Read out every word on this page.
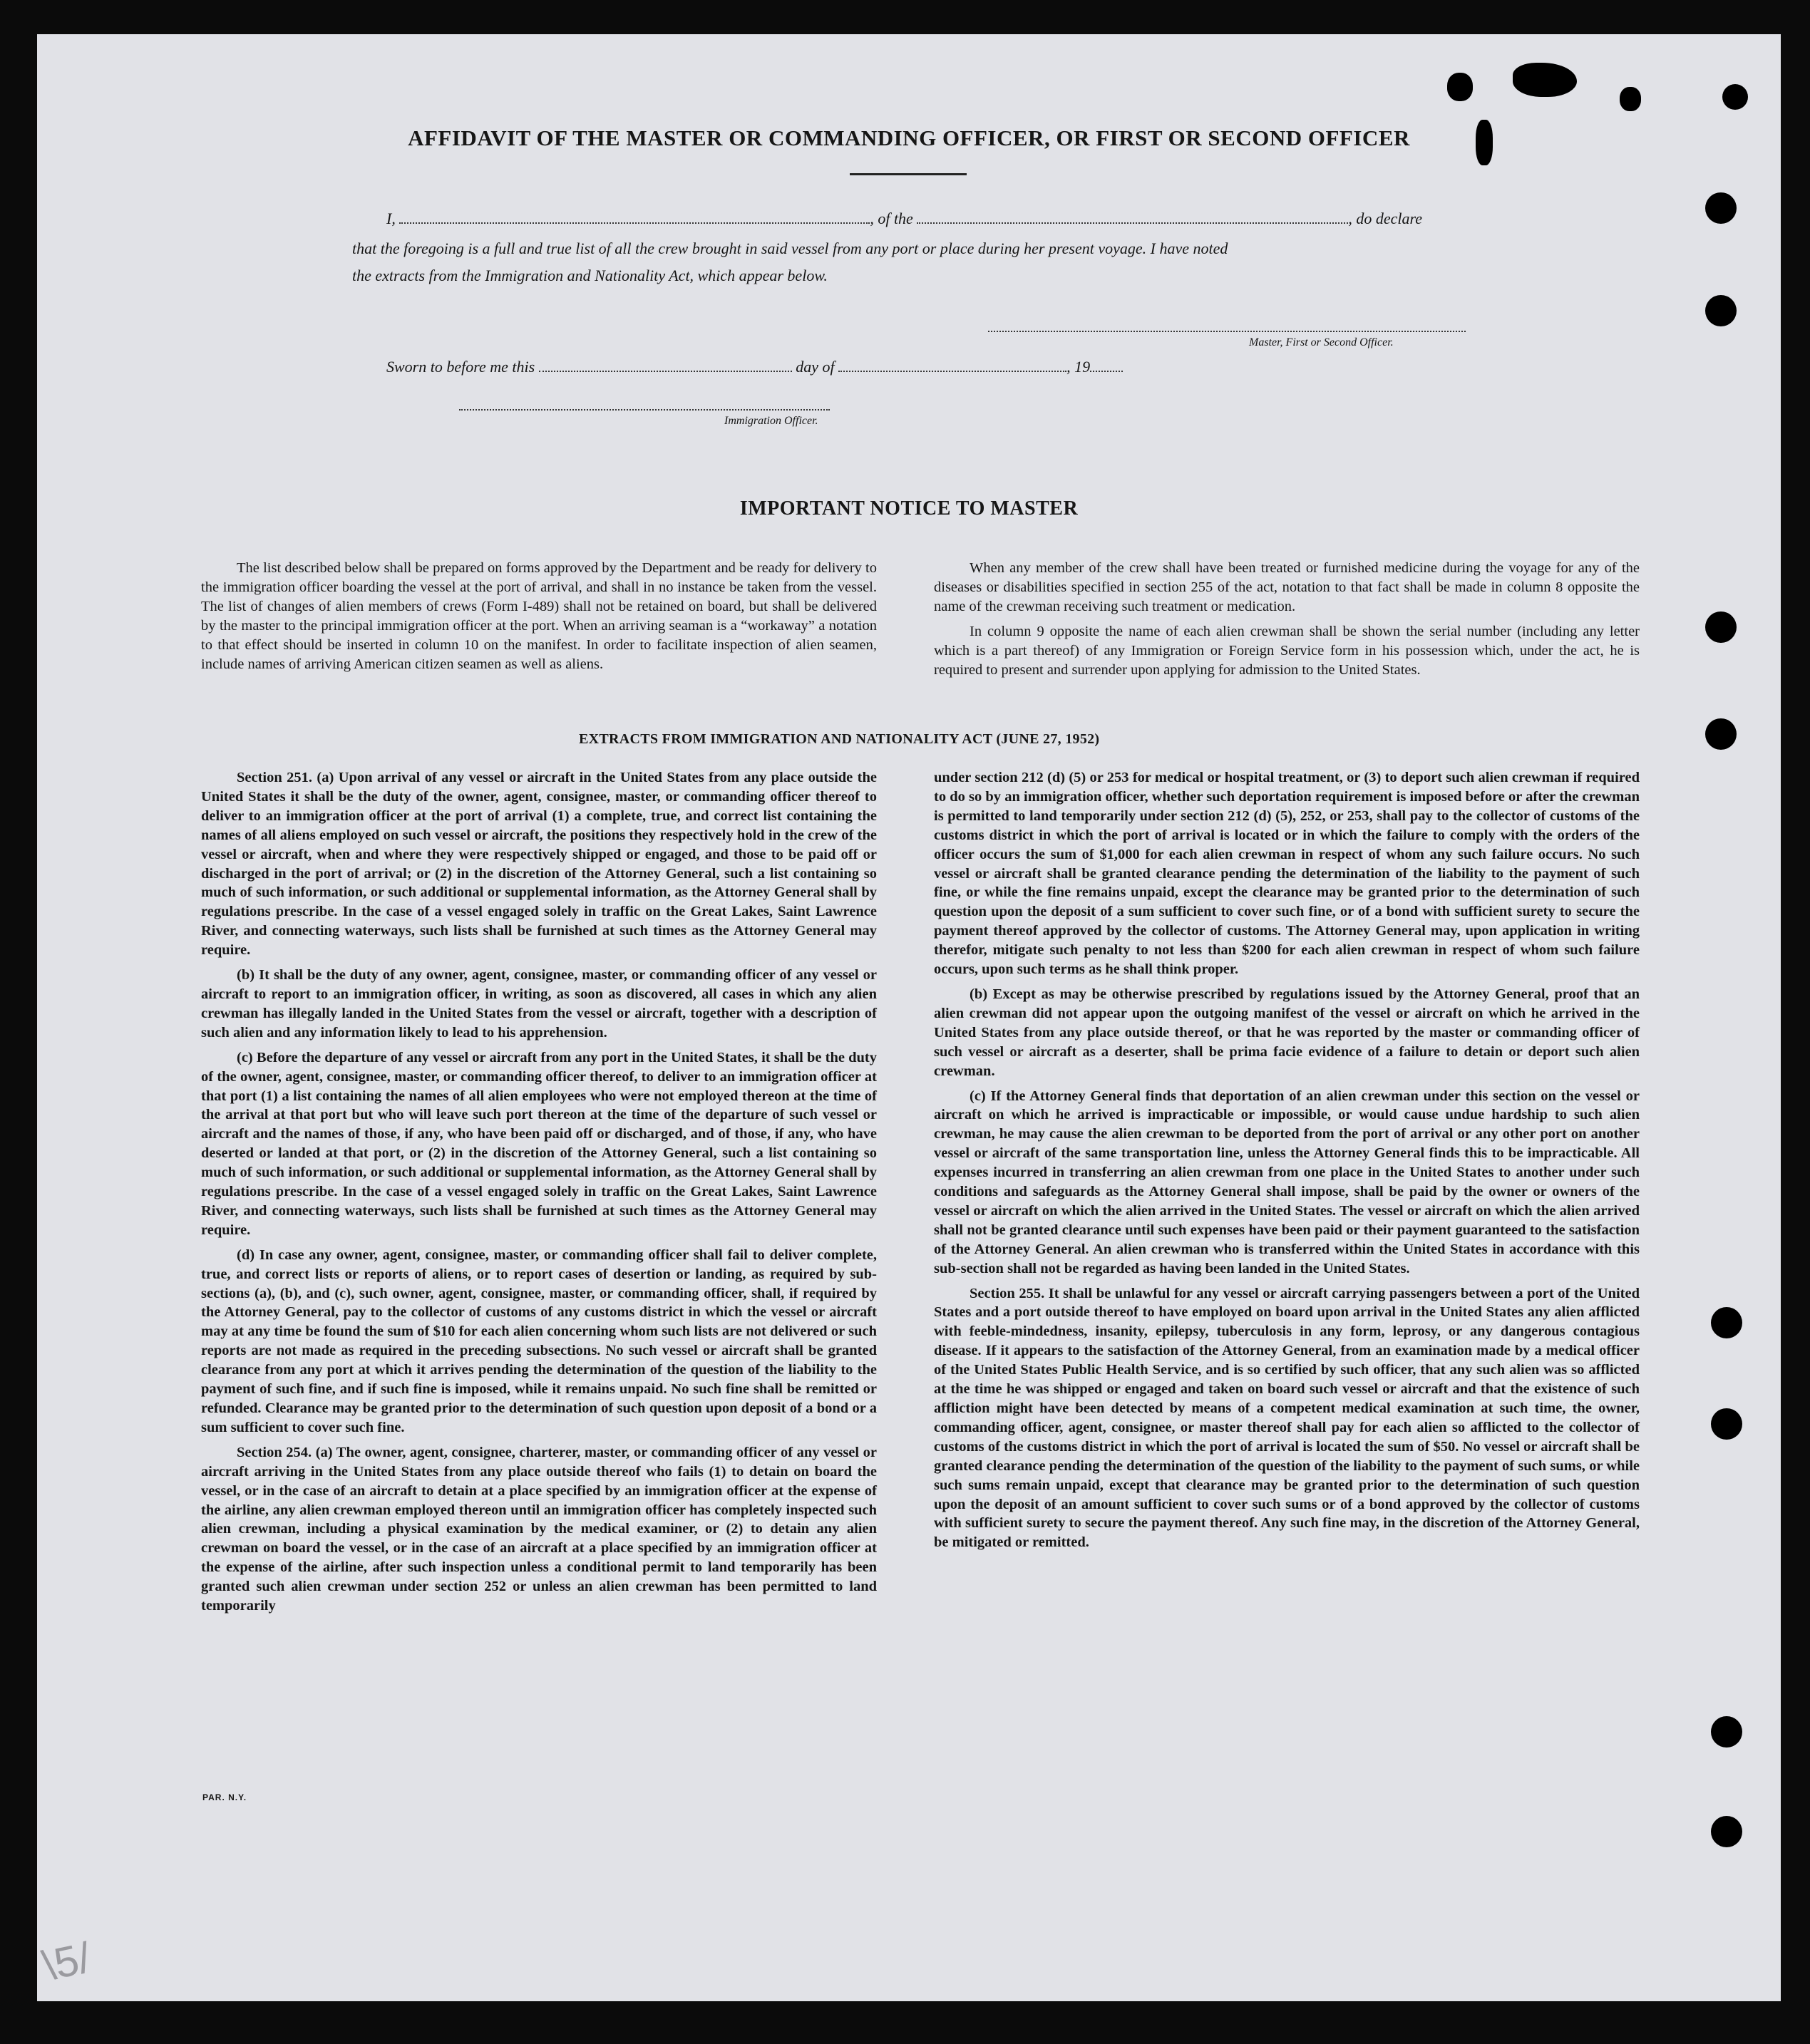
AFFIDAVIT OF THE MASTER OR COMMANDING OFFICER, OR FIRST OR SECOND OFFICER
I,	, of the	, do declare
that the foregoing is a full and true list of all the crew brought in said vessel from any port or place during her present voyage. I have noted
the extracts from the Immigration and Nationality Act, which appear below.
Master, First or Second Officer.
Sworn to before me this	day of	, 19
Immigration Officer.
IMPORTANT NOTICE TO MASTER

The list described below shall be prepared on forms approved by the Department and be ready for delivery to the immigration officer boarding the vessel at the port of arrival, and shall in no instance be taken from the vessel. The list of changes of alien members of crews (Form I-489) shall not be retained on board, but shall be delivered by the master to the principal immigration officer at the port. When an arriving seaman is a “workaway” a notation to that effect should be inserted in column 10 on the manifest. In order to facilitate inspection of alien seamen, include names of arriving American citizen seamen as well as aliens.

When any member of the crew shall have been treated or furnished medicine during the voyage for any of the diseases or disabilities specified in section 255 of the act, notation to that fact shall be made in column 8 opposite the name of the crewman receiving such treatment or medication.

In column 9 opposite the name of each alien crewman shall be shown the serial number (including any letter which is a part thereof) of any Immigration or Foreign Service form in his possession which, under the act, he is required to present and surrender upon applying for admission to the United States.

EXTRACTS FROM IMMIGRATION AND NATIONALITY ACT (JUNE 27, 1952)

Section 251. (a) Upon arrival of any vessel or aircraft in the United States from any place outside the United States it shall be the duty of the owner, agent, consignee, master, or commanding officer thereof to deliver to an immigration officer at the port of arrival (1) a complete, true, and correct list containing the names of all aliens employed on such vessel or aircraft, the positions they respectively hold in the crew of the vessel or aircraft, when and where they were respectively shipped or engaged, and those to be paid off or discharged in the port of arrival; or (2) in the discretion of the Attorney General, such a list containing so much of such information, or such additional or supplemental information, as the Attorney General shall by regulations prescribe. In the case of a vessel engaged solely in traffic on the Great Lakes, Saint Lawrence River, and connecting waterways, such lists shall be furnished at such times as the Attorney General may require.

(b) It shall be the duty of any owner, agent, consignee, master, or commanding officer of any vessel or aircraft to report to an immigration officer, in writing, as soon as discovered, all cases in which any alien crewman has illegally landed in the United States from the vessel or aircraft, together with a description of such alien and any information likely to lead to his apprehension.

(c) Before the departure of any vessel or aircraft from any port in the United States, it shall be the duty of the owner, agent, consignee, master, or commanding officer thereof, to deliver to an immigration officer at that port (1) a list containing the names of all alien employees who were not employed thereon at the time of the arrival at that port but who will leave such port thereon at the time of the departure of such vessel or aircraft and the names of those, if any, who have been paid off or discharged, and of those, if any, who have deserted or landed at that port, or (2) in the discretion of the Attorney General, such a list containing so much of such information, or such additional or supplemental information, as the Attorney General shall by regulations prescribe. In the case of a vessel engaged solely in traffic on the Great Lakes, Saint Lawrence River, and connecting waterways, such lists shall be furnished at such times as the Attorney General may require.

(d) In case any owner, agent, consignee, master, or commanding officer shall fail to deliver complete, true, and correct lists or reports of aliens, or to report cases of desertion or landing, as required by sub-sections (a), (b), and (c), such owner, agent, consignee, master, or commanding officer, shall, if required by the Attorney General, pay to the collector of customs of any customs district in which the vessel or aircraft may at any time be found the sum of $10 for each alien concerning whom such lists are not delivered or such reports are not made as required in the preceding subsections. No such vessel or aircraft shall be granted clearance from any port at which it arrives pending the determination of the question of the liability to the payment of such fine, and if such fine is imposed, while it remains unpaid. No such fine shall be remitted or refunded. Clearance may be granted prior to the determination of such question upon deposit of a bond or a sum sufficient to cover such fine.

Section 254. (a) The owner, agent, consignee, charterer, master, or commanding officer of any vessel or aircraft arriving in the United States from any place outside thereof who fails (1) to detain on board the vessel, or in the case of an aircraft to detain at a place specified by an immigration officer at the expense of the airline, any alien crewman employed thereon until an immigration officer has completely inspected such alien crewman, including a physical examination by the medical examiner, or (2) to detain any alien crewman on board the vessel, or in the case of an aircraft at a place specified by an immigration officer at the expense of the airline, after such inspection unless a conditional permit to land temporarily has been granted such alien crewman under section 252 or unless an alien crewman has been permitted to land temporarily

under section 212 (d) (5) or 253 for medical or hospital treatment, or (3) to deport such alien crewman if required to do so by an immigration officer, whether such deportation requirement is imposed before or after the crewman is permitted to land temporarily under section 212 (d) (5), 252, or 253, shall pay to the collector of customs of the customs district in which the port of arrival is located or in which the failure to comply with the orders of the officer occurs the sum of $1,000 for each alien crewman in respect of whom any such failure occurs. No such vessel or aircraft shall be granted clearance pending the determination of the liability to the payment of such fine, or while the fine remains unpaid, except the clearance may be granted prior to the determination of such question upon the deposit of a sum sufficient to cover such fine, or of a bond with sufficient surety to secure the payment thereof approved by the collector of customs. The Attorney General may, upon application in writing therefor, mitigate such penalty to not less than $200 for each alien crewman in respect of whom such failure occurs, upon such terms as he shall think proper.

(b) Except as may be otherwise prescribed by regulations issued by the Attorney General, proof that an alien crewman did not appear upon the outgoing manifest of the vessel or aircraft on which he arrived in the United States from any place outside thereof, or that he was reported by the master or commanding officer of such vessel or aircraft as a deserter, shall be prima facie evidence of a failure to detain or deport such alien crewman.

(c) If the Attorney General finds that deportation of an alien crewman under this section on the vessel or aircraft on which he arrived is impracticable or impossible, or would cause undue hardship to such alien crewman, he may cause the alien crewman to be deported from the port of arrival or any other port on another vessel or aircraft of the same transportation line, unless the Attorney General finds this to be impracticable. All expenses incurred in transferring an alien crewman from one place in the United States to another under such conditions and safeguards as the Attorney General shall impose, shall be paid by the owner or owners of the vessel or aircraft on which the alien arrived in the United States. The vessel or aircraft on which the alien arrived shall not be granted clearance until such expenses have been paid or their payment guaranteed to the satisfaction of the Attorney General. An alien crewman who is transferred within the United States in accordance with this sub-section shall not be regarded as having been landed in the United States.

Section 255. It shall be unlawful for any vessel or aircraft carrying passengers between a port of the United States and a port outside thereof to have employed on board upon arrival in the United States any alien afflicted with feeble-mindedness, insanity, epilepsy, tuberculosis in any form, leprosy, or any dangerous contagious disease. If it appears to the satisfaction of the Attorney General, from an examination made by a medical officer of the United States Public Health Service, and is so certified by such officer, that any such alien was so afflicted at the time he was shipped or engaged and taken on board such vessel or aircraft and that the existence of such affliction might have been detected by means of a competent medical examination at such time, the owner, commanding officer, agent, consignee, or master thereof shall pay for each alien so afflicted to the collector of customs of the customs district in which the port of arrival is located the sum of $50. No vessel or aircraft shall be granted clearance pending the determination of the question of the liability to the payment of such sums, or while such sums remain unpaid, except that clearance may be granted prior to the determination of such question upon the deposit of an amount sufficient to cover such sums or of a bond approved by the collector of customs with sufficient surety to secure the payment thereof. Any such fine may, in the discretion of the Attorney General, be mitigated or remitted.

PAR. N.Y.
\5/
